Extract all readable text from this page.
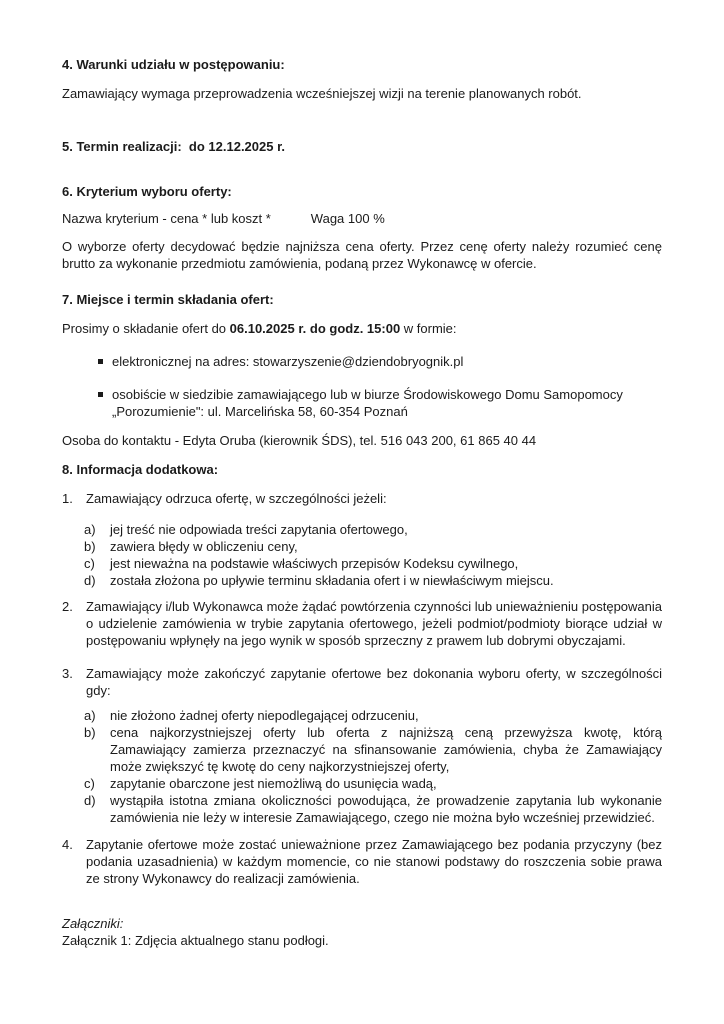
4. Warunki udziału w postępowaniu:

Zamawiający wymaga przeprowadzenia wcześniejszej wizji na terenie planowanych robót.

5. Termin realizacji:  do 12.12.2025 r.

6. Kryterium wyboru oferty:

Nazwa kryterium - cena * lub koszt *	Waga 100 %

O wyborze oferty decydować będzie najniższa cena oferty. Przez cenę oferty należy rozumieć cenę brutto za wykonanie przedmiotu zamówienia, podaną przez Wykonawcę w ofercie.

7. Miejsce i termin składania ofert:

Prosimy o składanie ofert do 06.10.2025 r. do godz. 15:00 w formie:

elektronicznej na adres: stowarzyszenie@dziendobryognik.pl
osobiście w siedzibie zamawiającego lub w biurze Środowiskowego Domu Samopomocy „Porozumienie": ul. Marcelińska 58, 60-354 Poznań

Osoba do kontaktu - Edyta Oruba (kierownik ŚDS), tel. 516 043 200, 61 865 40 44

8. Informacja dodatkowa:

1.	Zamawiający odrzuca ofertę, w szczególności jeżeli:
a)	jej treść nie odpowiada treści zapytania ofertowego,
b)	zawiera błędy w obliczeniu ceny,
c)	jest nieważna na podstawie właściwych przepisów Kodeksu cywilnego,
d)	została złożona po upływie terminu składania ofert i w niewłaściwym miejscu.
2.	Zamawiający i/lub Wykonawca może żądać powtórzenia czynności lub unieważnieniu postępowania o udzielenie zamówienia w trybie zapytania ofertowego, jeżeli podmiot/podmioty biorące udział w postępowaniu wpłynęły na jego wynik w sposób sprzeczny z prawem lub dobrymi obyczajami.
3.	Zamawiający może zakończyć zapytanie ofertowe bez dokonania wyboru oferty, w szczególności gdy:
a)	nie złożono żadnej oferty niepodlegającej odrzuceniu,
b)	cena najkorzystniejszej oferty lub oferta z najniższą ceną przewyższa kwotę, którą Zamawiający zamierza przeznaczyć na sfinansowanie zamówienia, chyba że Zamawiający może zwiększyć tę kwotę do ceny najkorzystniejszej oferty,
c)	zapytanie obarczone jest niemożliwą do usunięcia wadą,
d)	wystąpiła istotna zmiana okoliczności powodująca, że prowadzenie zapytania lub wykonanie zamówienia nie leży w interesie Zamawiającego, czego nie można było wcześniej przewidzieć.
4.	Zapytanie ofertowe może zostać unieważnione przez Zamawiającego bez podania przyczyny (bez podania uzasadnienia) w każdym momencie, co nie stanowi podstawy do roszczenia sobie prawa ze strony Wykonawcy do realizacji zamówienia.

Załączniki:

Załącznik 1: Zdjęcia aktualnego stanu podłogi.
